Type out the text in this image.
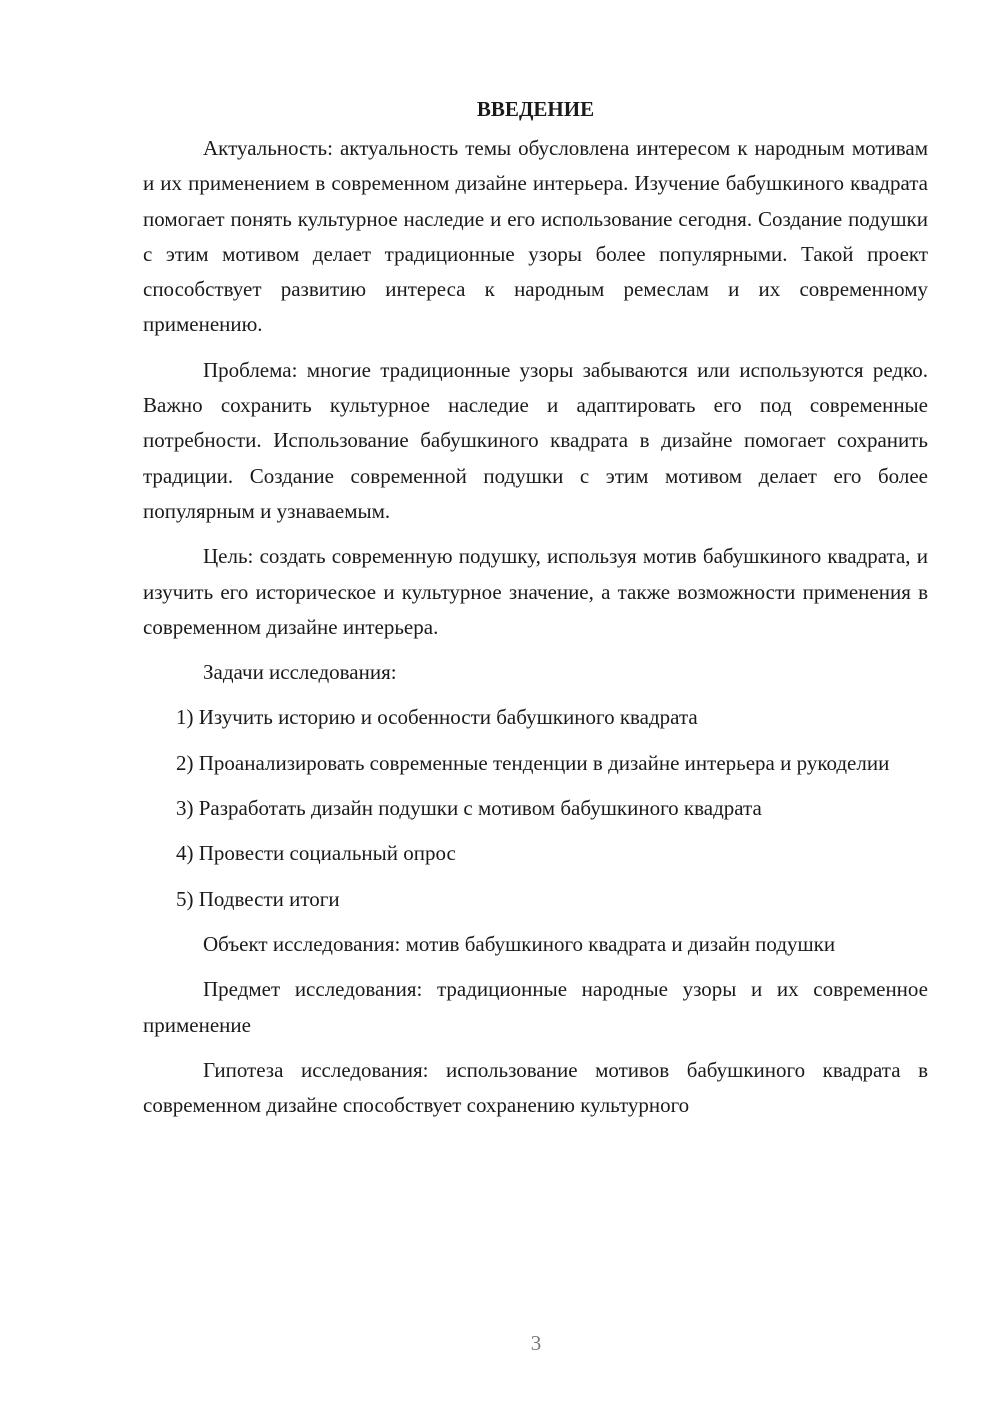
ВВЕДЕНИЕ

Актуальность: актуальность темы обусловлена интересом к народным мотивам и их применением в современном дизайне интерьера. Изучение бабушкиного квадрата помогает понять культурное наследие и его использование сегодня. Создание подушки с этим мотивом делает традиционные узоры более популярными. Такой проект способствует развитию интереса к народным ремеслам и их современному применению.

Проблема: многие традиционные узоры забываются или используются редко. Важно сохранить культурное наследие и адаптировать его под современные потребности. Использование бабушкиного квадрата в дизайне помогает сохранить традиции. Создание современной подушки с этим мотивом делает его более популярным и узнаваемым.

Цель: создать современную подушку, используя мотив бабушкиного квадрата, и изучить его историческое и культурное значение, а также возможности применения в современном дизайне интерьера.

Задачи исследования:

1) Изучить историю и особенности бабушкиного квадрата

2) Проанализировать современные тенденции в дизайне интерьера и рукоделии

3) Разработать дизайн подушки с мотивом бабушкиного квадрата

4) Провести социальный опрос

5) Подвести итоги

Объект исследования: мотив бабушкиного квадрата и дизайн подушки

Предмет исследования: традиционные народные узоры и их современное применение

Гипотеза исследования: использование мотивов бабушкиного квадрата в современном дизайне способствует сохранению культурного

3
